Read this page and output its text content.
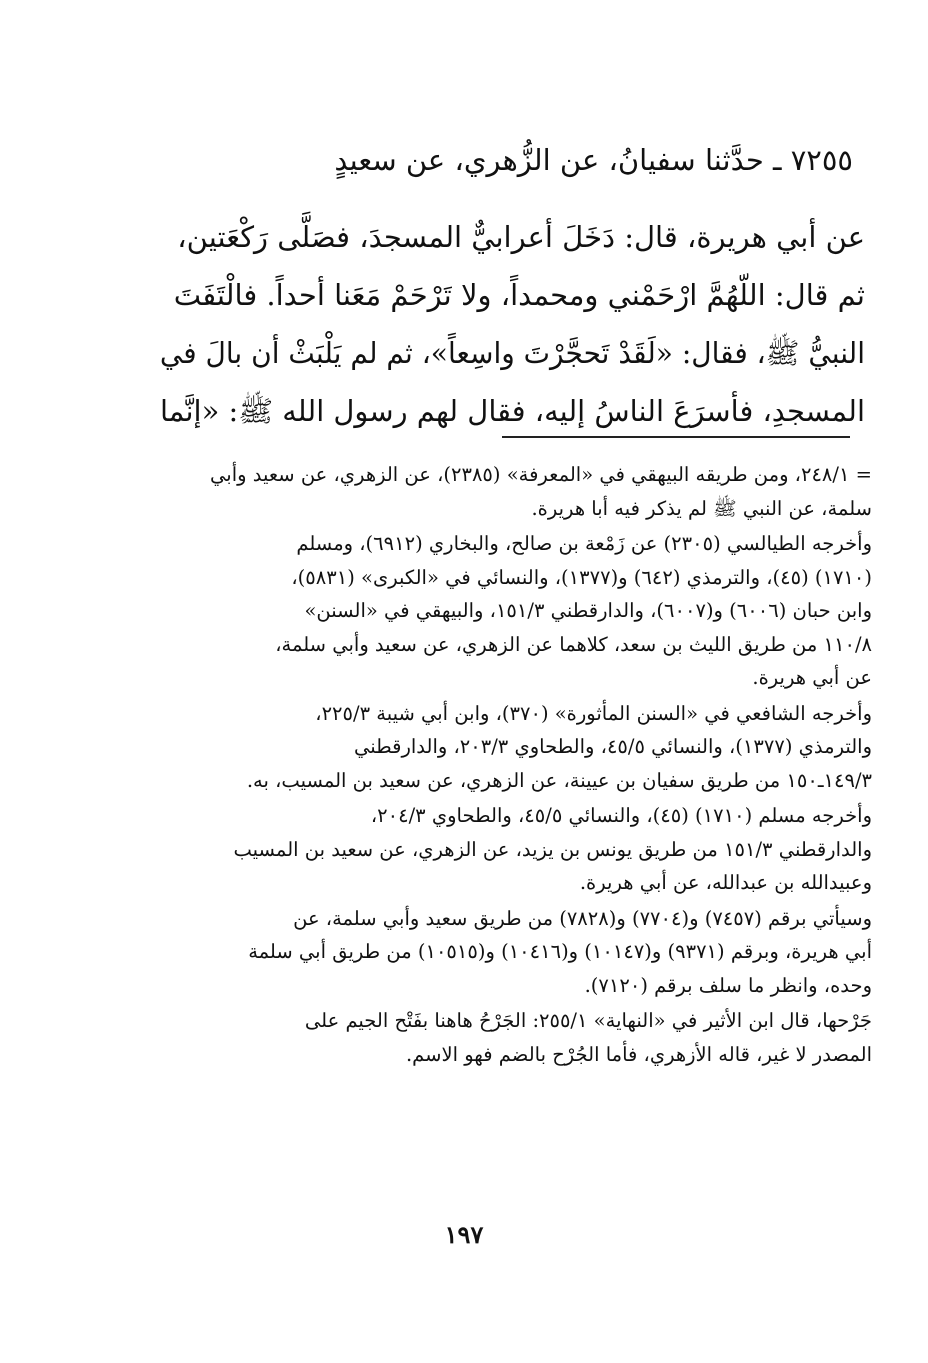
٧٢٥٥ ـ حدَّثنا سفيانُ، عن الزُّهري، عن سعيدٍ
عن أبي هريرة، قال: دَخَلَ أعرابيٌّ المسجدَ، فصَلَّى رَكْعَتين،
ثم قال: اللّهُمَّ ارْحَمْني ومحمداً، ولا تَرْحَمْ مَعَنا أحداً. فالْتَفَتَ
النبيُّ ﷺ، فقال: «لَقَدْ تَحجَّرْتَ واسِعاً»، ثم لم يَلْبَثْ أن بالَ في
المسجدِ، فأسرَعَ الناسُ إليه، فقال لهم رسول الله ﷺ: «إنَّما
= ٢٤٨/١، ومن طريقه البيهقي في «المعرفة» (٢٣٨٥)، عن الزهري، عن سعيد وأبي
سلمة، عن النبي ﷺ لم يذكر فيه أبا هريرة.
وأخرجه الطيالسي (٢٣٠٥) عن زَمْعة بن صالح، والبخاري (٦٩١٢)، ومسلم
(١٧١٠) (٤٥)، والترمذي (٦٤٢) و(١٣٧٧)، والنسائي في «الكبرى» (٥٨٣١)،
وابن حبان (٦٠٠٦) و(٦٠٠٧)، والدارقطني ١٥١/٣، والبيهقي في «السنن»
١١٠/٨ من طريق الليث بن سعد، كلاهما عن الزهري، عن سعيد وأبي سلمة،
عن أبي هريرة.
وأخرجه الشافعي في «السنن المأثورة» (٣٧٠)، وابن أبي شيبة ٢٢٥/٣،
والترمذي (١٣٧٧)، والنسائي ٤٥/٥، والطحاوي ٢٠٣/٣، والدارقطني
١٤٩/٣ـ١٥٠ من طريق سفيان بن عيينة، عن الزهري، عن سعيد بن المسيب، به.
وأخرجه مسلم (١٧١٠) (٤٥)، والنسائي ٤٥/٥، والطحاوي ٢٠٤/٣،
والدارقطني ١٥١/٣ من طريق يونس بن يزيد، عن الزهري، عن سعيد بن المسيب
وعبيدالله بن عبدالله، عن أبي هريرة.
وسيأتي برقم (٧٤٥٧) و(٧٧٠٤) و(٧٨٢٨) من طريق سعيد وأبي سلمة، عن
أبي هريرة، وبرقم (٩٣٧١) و(١٠١٤٧) و(١٠٤١٦) و(١٠٥١٥) من طريق أبي سلمة
وحده، وانظر ما سلف برقم (٧١٢٠).
جَرْحها، قال ابن الأثير في «النهاية» ٢٥٥/١: الجَرْحُ هاهنا بفَتْح الجيم على
المصدر لا غير، قاله الأزهري، فأما الجُرْح بالضم فهو الاسم.
١٩٧
